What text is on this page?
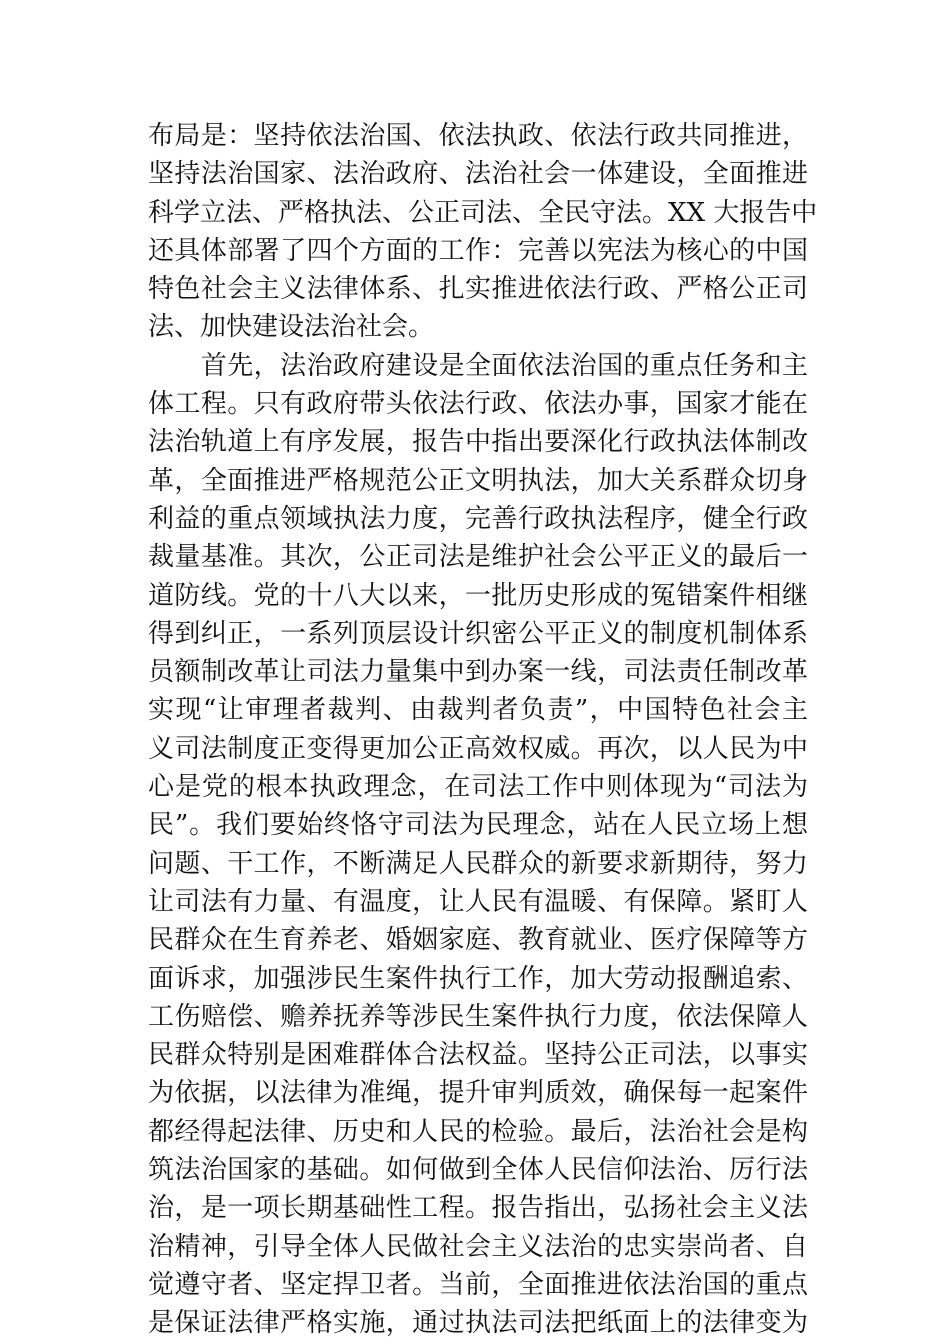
布局是：坚持依法治国、依法执政、依法行政共同推进，
坚持法治国家、法治政府、法治社会一体建设，全面推进
科学立法、严格执法、公正司法、全民守法。XX 大报告中
还具体部署了四个方面的工作：完善以宪法为核心的中国
特色社会主义法律体系、扎实推进依法行政、严格公正司
法、加快建设法治社会。
　　首先，法治政府建设是全面依法治国的重点任务和主
体工程。只有政府带头依法行政、依法办事，国家才能在
法治轨道上有序发展，报告中指出要深化行政执法体制改
革，全面推进严格规范公正文明执法，加大关系群众切身
利益的重点领域执法力度，完善行政执法程序，健全行政
裁量基准。其次，公正司法是维护社会公平正义的最后一
道防线。党的十八大以来，一批历史形成的冤错案件相继
得到纠正，一系列顶层设计织密公平正义的制度机制体系
员额制改革让司法力量集中到办案一线，司法责任制改革
实现“让审理者裁判、由裁判者负责”，中国特色社会主
义司法制度正变得更加公正高效权威。再次，以人民为中
心是党的根本执政理念，在司法工作中则体现为“司法为
民”。我们要始终恪守司法为民理念，站在人民立场上想
问题、干工作，不断满足人民群众的新要求新期待，努力
让司法有力量、有温度，让人民有温暖、有保障。紧盯人
民群众在生育养老、婚姻家庭、教育就业、医疗保障等方
面诉求，加强涉民生案件执行工作，加大劳动报酬追索、
工伤赔偿、赡养抚养等涉民生案件执行力度，依法保障人
民群众特别是困难群体合法权益。坚持公正司法，以事实
为依据，以法律为准绳，提升审判质效，确保每一起案件
都经得起法律、历史和人民的检验。最后，法治社会是构
筑法治国家的基础。如何做到全体人民信仰法治、厉行法
治，是一项长期基础性工程。报告指出，弘扬社会主义法
治精神，引导全体人民做社会主义法治的忠实崇尚者、自
觉遵守者、坚定捍卫者。当前，全面推进依法治国的重点
是保证法律严格实施，通过执法司法把纸面上的法律变为
